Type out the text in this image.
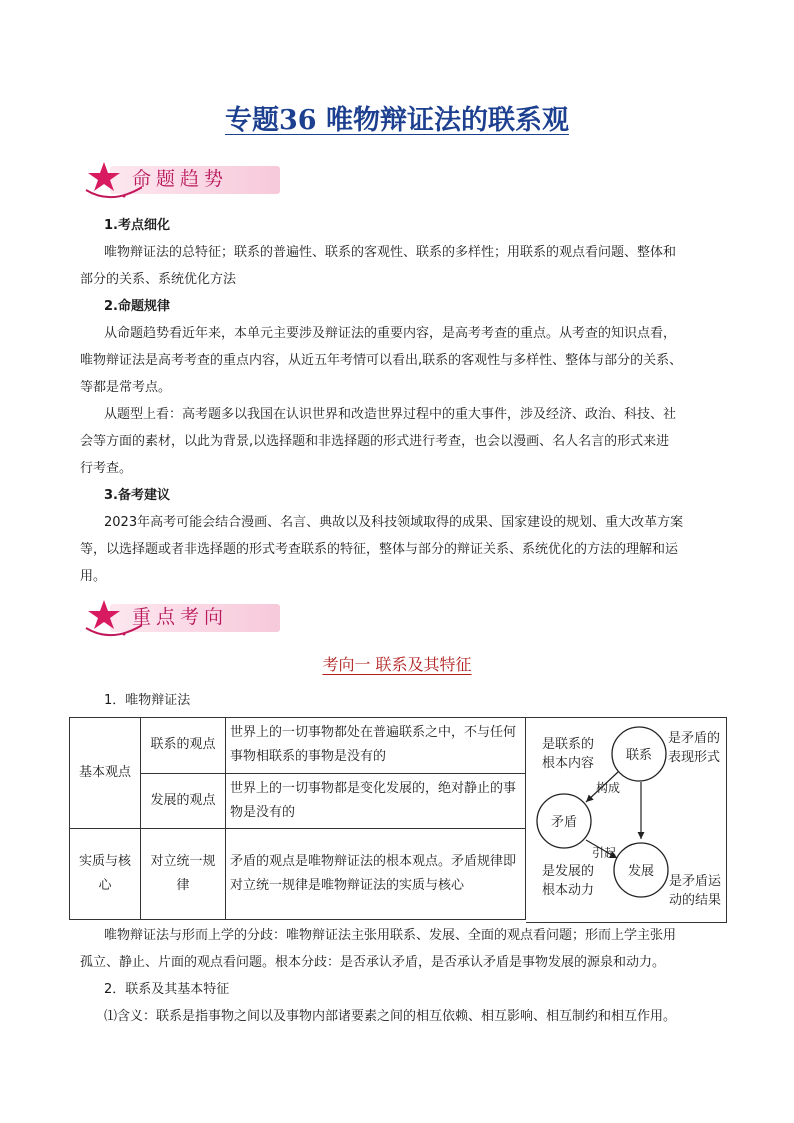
专题36 唯物辩证法的联系观
命题趋势
1.考点细化
唯物辩证法的总特征；联系的普遍性、联系的客观性、联系的多样性；用联系的观点看问题、整体和
部分的关系、系统优化方法
2.命题规律
从命题趋势看近年来，本单元主要涉及辩证法的重要内容，是高考考查的重点。从考查的知识点看，
唯物辩证法是高考考查的重点内容，从近五年考情可以看出,联系的客观性与多样性、整体与部分的关系、
等都是常考点。
从题型上看：高考题多以我国在认识世界和改造世界过程中的重大事件，涉及经济、政治、科技、社
会等方面的素材，以此为背景,以选择题和非选择题的形式进行考查，也会以漫画、名人名言的形式来进
行考查。
3.备考建议
2023年高考可能会结合漫画、名言、典故以及科技领域取得的成果、国家建设的规划、重大改革方案
等，以选择题或者非选择题的形式考查联系的特征，整体与部分的辩证关系、系统优化的方法的理解和运
用。
重点考向
考向一 联系及其特征
1．唯物辩证法
基本观点	联系的观点	世界上的一切事物都处在普遍联系之中，不与任何事物相联系的事物是没有的
	发展的观点	世界上的一切事物都是变化发展的，绝对静止的事物是没有的
实质与核心	对立统一规律	矛盾的观点是唯物辩证法的根本观点。矛盾规律即对立统一规律是唯物辩证法的实质与核心
联系
矛盾
发展
构成
引起
是联系的
根本内容
是矛盾的
表现形式
是发展的
根本动力
是矛盾运
动的结果
唯物辩证法与形而上学的分歧：唯物辩证法主张用联系、发展、全面的观点看问题；形而上学主张用
孤立、静止、片面的观点看问题。根本分歧：是否承认矛盾，是否承认矛盾是事物发展的源泉和动力。
2．联系及其基本特征
⑴含义：联系是指事物之间以及事物内部诸要素之间的相互依赖、相互影响、相互制约和相互作用。
